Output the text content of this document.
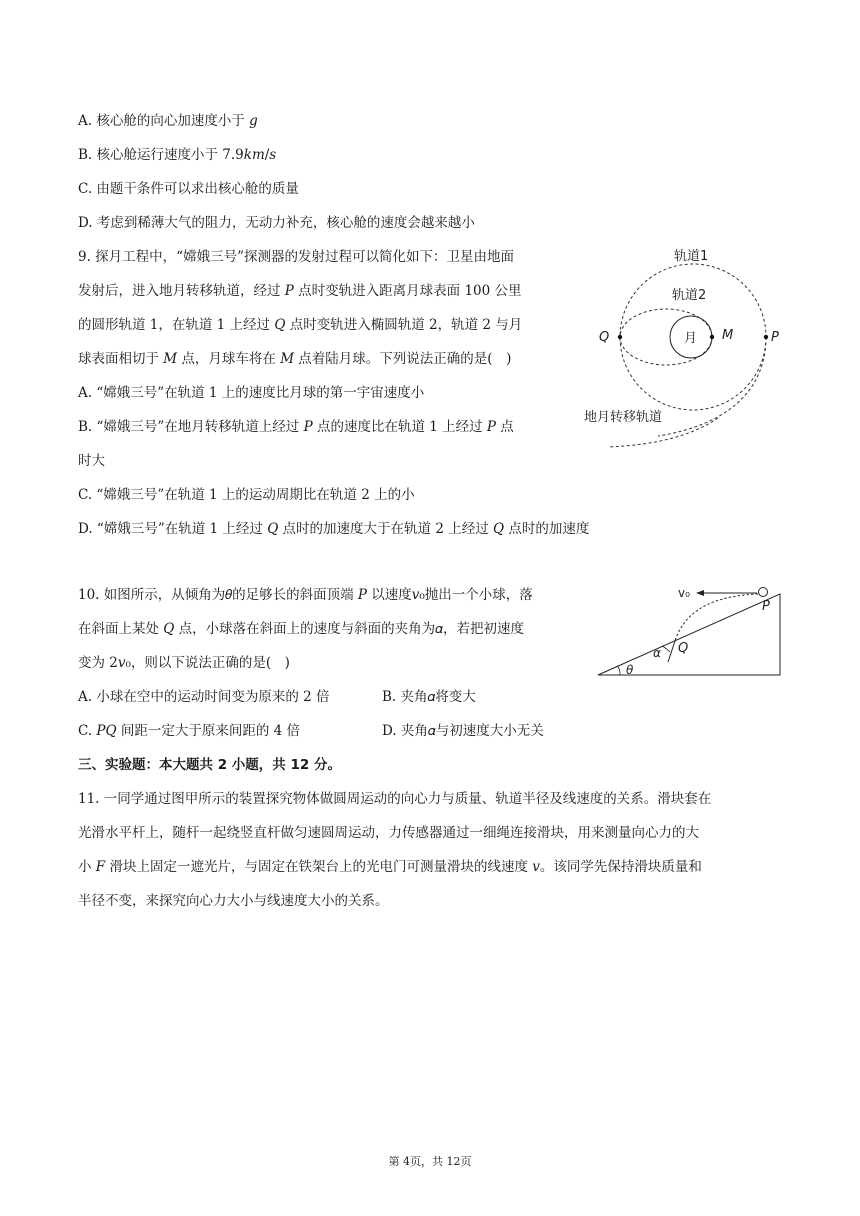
A. 核心舱的向心加速度小于 𝑔
B. 核心舱运行速度小于 7.9𝑘𝑚/𝑠
C. 由题干条件可以求出核心舱的质量
D. 考虑到稀薄大气的阻力，无动力补充，核心舱的速度会越来越小
9. 探月工程中，“嫦娥三号”探测器的发射过程可以简化如下：卫星由地面
发射后，进入地月转移轨道，经过 𝑃 点时变轨进入距离月球表面 100 公里
的圆形轨道 1，在轨道 1 上经过 𝑄 点时变轨进入椭圆轨道 2，轨道 2 与月
球表面相切于 𝑀 点，月球车将在 𝑀 点着陆月球。下列说法正确的是(　)
A. “嫦娥三号”在轨道 1 上的速度比月球的第一宇宙速度小
B. “嫦娥三号”在地月转移轨道上经过 𝑃 点的速度比在轨道 1 上经过 𝑃 点
时大
C. “嫦娥三号”在轨道 1 上的运动周期比在轨道 2 上的小
D. “嫦娥三号”在轨道 1 上经过 𝑄 点时的加速度大于在轨道 2 上经过 𝑄 点时的加速度
轨道1
轨道2
月
Q	M	P
地月转移轨道
10. 如图所示，从倾角为𝜃的足够长的斜面顶端 𝑃 以速度𝑣₀抛出一个小球，落
在斜面上某处 𝑄 点，小球落在斜面上的速度与斜面的夹角为𝛼，若把初速度
变为 2𝑣₀，则以下说法正确的是(　)
A. 小球在空中的运动时间变为原来的 2 倍	B. 夹角𝛼将变大
C. 𝑃𝑄 间距一定大于原来间距的 4 倍	D. 夹角𝛼与初速度大小无关
v₀
P
Q
α
θ
三、实验题：本大题共 2 小题，共 12 分。
11. 一同学通过图甲所示的装置探究物体做圆周运动的向心力与质量、轨道半径及线速度的关系。滑块套在
光滑水平杆上，随杆一起绕竖直杆做匀速圆周运动，力传感器通过一细绳连接滑块，用来测量向心力的大
小 𝐹 滑块上固定一遮光片，与固定在铁架台上的光电门可测量滑块的线速度 𝑣。该同学先保持滑块质量和
半径不变，来探究向心力大小与线速度大小的关系。
第 4页，共 12页
